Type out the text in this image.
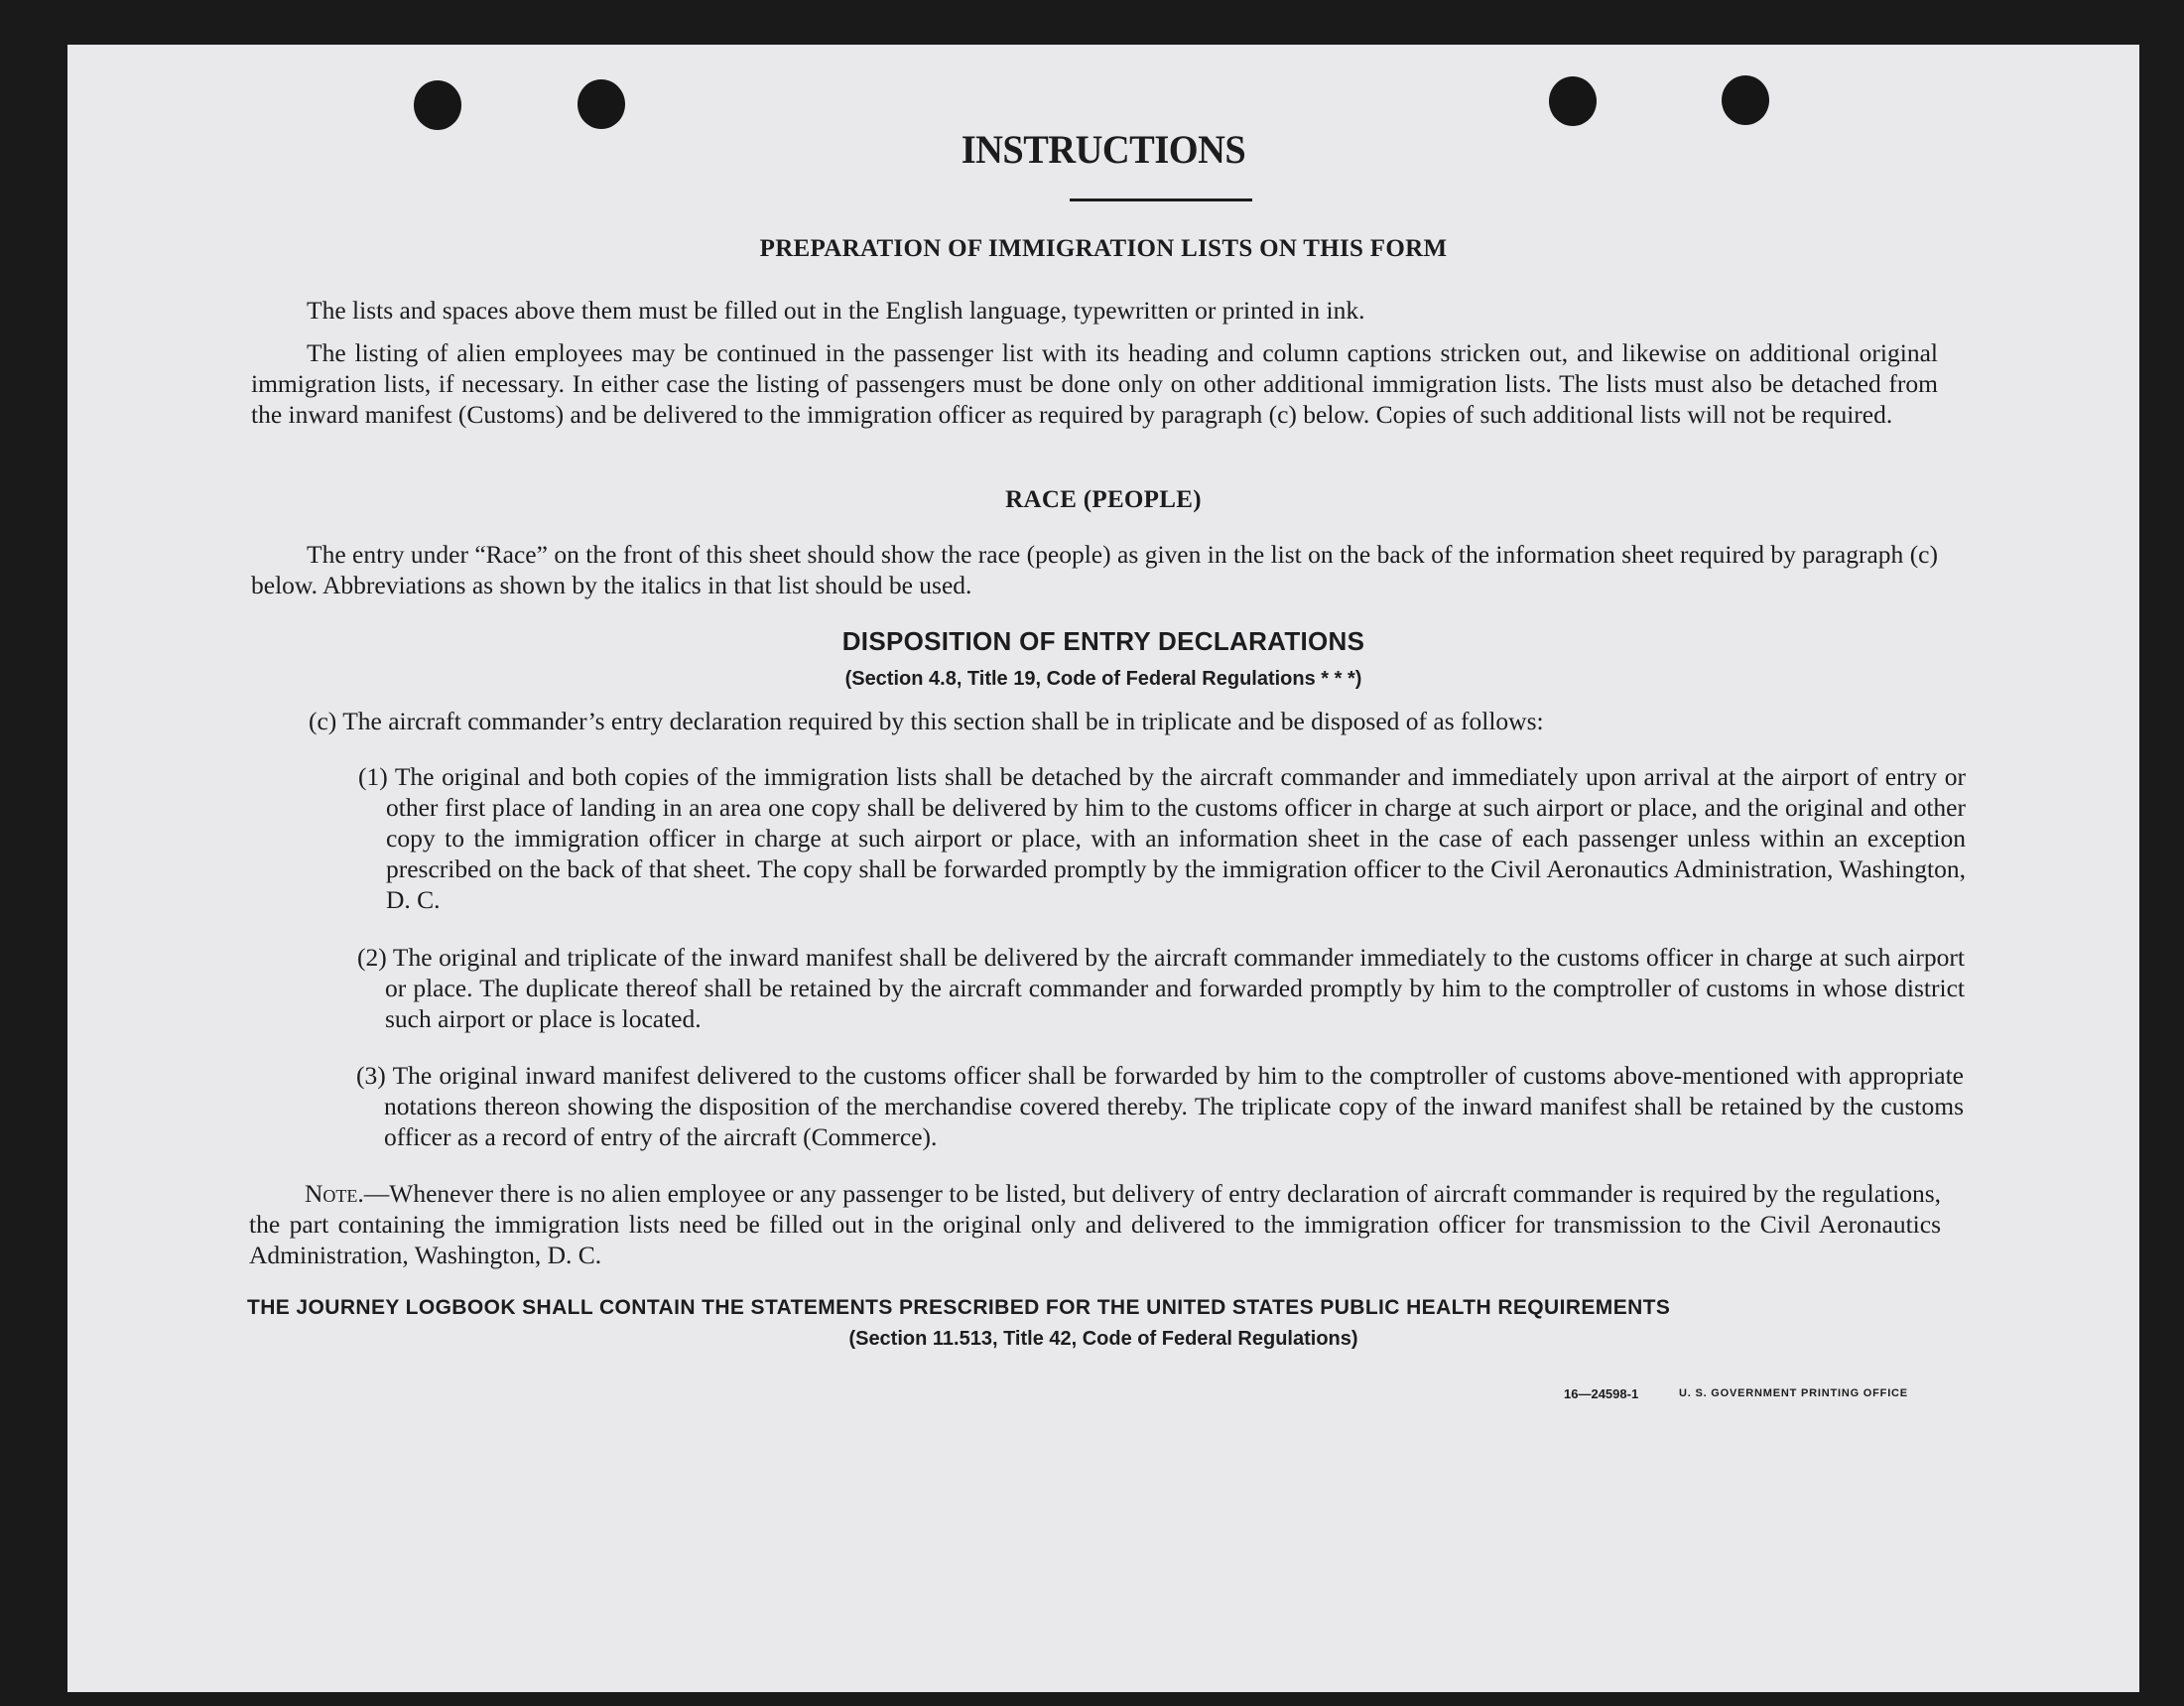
INSTRUCTIONS
PREPARATION OF IMMIGRATION LISTS ON THIS FORM
The lists and spaces above them must be filled out in the English language, typewritten or printed in ink.
The listing of alien employees may be continued in the passenger list with its heading and column captions stricken out, and likewise on additional original immigration lists, if necessary. In either case the listing of passengers must be done only on other additional immigration lists. The lists must also be detached from the inward manifest (Customs) and be delivered to the immigration officer as required by paragraph (c) below. Copies of such additional lists will not be required.
RACE (PEOPLE)
The entry under “Race” on the front of this sheet should show the race (people) as given in the list on the back of the information sheet required by paragraph (c) below. Abbreviations as shown by the italics in that list should be used.
DISPOSITION OF ENTRY DECLARATIONS
(Section 4.8, Title 19, Code of Federal Regulations * * *)
(c) The aircraft commander’s entry declaration required by this section shall be in triplicate and be disposed of as follows:
(1) The original and both copies of the immigration lists shall be detached by the aircraft commander and immediately upon arrival at the airport of entry or other first place of landing in an area one copy shall be delivered by him to the customs officer in charge at such airport or place, and the original and other copy to the immigration officer in charge at such airport or place, with an information sheet in the case of each passenger unless within an exception prescribed on the back of that sheet. The copy shall be forwarded promptly by the immigration officer to the Civil Aeronautics Administration, Washington, D. C.
(2) The original and triplicate of the inward manifest shall be delivered by the aircraft commander immediately to the customs officer in charge at such airport or place. The duplicate thereof shall be retained by the aircraft commander and forwarded promptly by him to the comptroller of customs in whose district such airport or place is located.
(3) The original inward manifest delivered to the customs officer shall be forwarded by him to the comptroller of customs above-mentioned with appropriate notations thereon showing the disposition of the merchandise covered thereby. The triplicate copy of the inward manifest shall be retained by the customs officer as a record of entry of the aircraft (Commerce).
Note.—Whenever there is no alien employee or any passenger to be listed, but delivery of entry declaration of aircraft commander is required by the regulations, the part containing the immigration lists need be filled out in the original only and delivered to the immigration officer for transmission to the Civil Aeronautics Administration, Washington, D. C.
THE JOURNEY LOGBOOK SHALL CONTAIN THE STATEMENTS PRESCRIBED FOR THE UNITED STATES PUBLIC HEALTH REQUIREMENTS
(Section 11.513, Title 42, Code of Federal Regulations)
16—24598-1	U. S. GOVERNMENT PRINTING OFFICE
